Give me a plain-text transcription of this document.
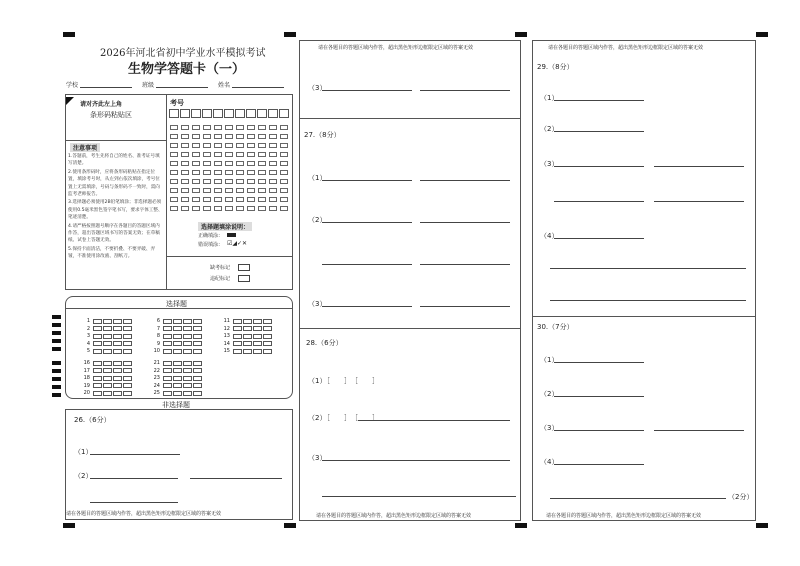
2026年河北省初中学业水平模拟考试
生物学答题卡（一）
学校	班级	姓名
请对齐此左上角
条形码粘贴区
考号
注意事项
1.答题前，考生先将自己的姓名、准考证号填写清楚。
2.使用条形码时，应将条形码粘贴在指定位置，填涂考号时，从左到右依次填涂，考号位置上无需填涂，号码与条形码不一致时，需向监考老师报告。
3.选择题必须使用2B铅笔填涂；非选择题必须使用0.5毫米黑色签字笔书写，要求字体工整、笔迹清楚。
4.请严格按照题号顺序在各题目的答题区域内作答，超出答题区域书写的答案无效；在草稿纸、试卷上答题无效。
5.保持卡面清洁，不要折叠、不要弄破、弄皱，不准使用涂改液、刮纸刀。
选择题填涂说明：
正确填涂：
错误填涂： ☑◢✓✕
缺考标记
违纪标记
选择题
1
2
3
4
5
6
7
8
9
10
11
12
13
14
15
16
17
18
19
20
21
22
23
24
25
非选择题
26.（6分）
（1）
（2）
请在各题目的答题区域内作答，超出黑色矩形边框限定区域的答案无效
请在各题目的答题区域内作答，超出黑色矩形边框限定区域的答案无效
（3）
27.（8分）
（1）
（2）
（3）
28.（6分）
（1）［　　］　［　　］
（2）［　　］　［　　］
（3）
请在各题目的答题区域内作答，超出黑色矩形边框限定区域的答案无效
请在各题目的答题区域内作答，超出黑色矩形边框限定区域的答案无效
29.（8分）
（1）
（2）
（3）
（4）
30.（7分）
（1）
（2）
（3）
（4）
（2分）
请在各题目的答题区域内作答，超出黑色矩形边框限定区域的答案无效
